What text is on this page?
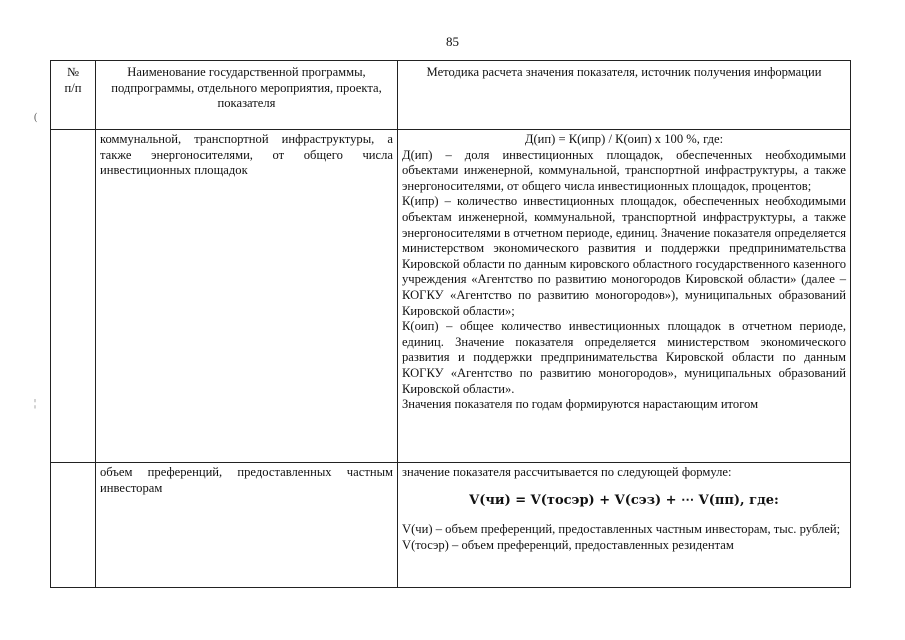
85
(
¦
№
п/п	Наименование государственной программы, подпрограммы, отдельного мероприятия, проекта, показателя	Методика расчета значения показателя, источник получения информации
	коммунальной, транспортной инфраструктуры, а также энергоносителями, от общего числа инвестиционных площадок	Д(ип) = К(ипр) / К(оип) х 100 %, где:
Д(ип) – доля инвестиционных площадок, обеспеченных необходимыми объектами инженерной, коммунальной, транспортной инфраструктуры, а также энергоносителями, от общего числа инвестиционных площадок, процентов;
К(ипр) – количество инвестиционных площадок, обеспеченных необходимыми объектам инженерной, коммунальной, транспортной инфраструктуры, а также энергоносителями в отчетном периоде, единиц. Значение показателя определяется министерством экономического развития и поддержки предпринимательства Кировской области по данным кировского областного государственного казенного учреждения «Агентство по развитию моногородов Кировской области» (далее – КОГКУ «Агентство по развитию моногородов»), муниципальных образований Кировской области»;
К(оип) – общее количество инвестиционных площадок в отчетном периоде, единиц. Значение показателя определяется министерством экономического развития и поддержки предпринимательства Кировской области по данным КОГКУ «Агентство по развитию моногородов», муниципальных образований Кировской области».
Значения показателя по годам формируются нарастающим итогом

	объем преференций, предоставленных частным инвесторам	значение показателя рассчитывается по следующей формуле:
V(чи) = V(тосэр) + V(сэз) + ⋯ V(пп), где:
V(чи) – объем преференций, предоставленных частным инвесторам, тыс. рублей;
V(тосэр) – объем преференций, предоставленных резидентам
